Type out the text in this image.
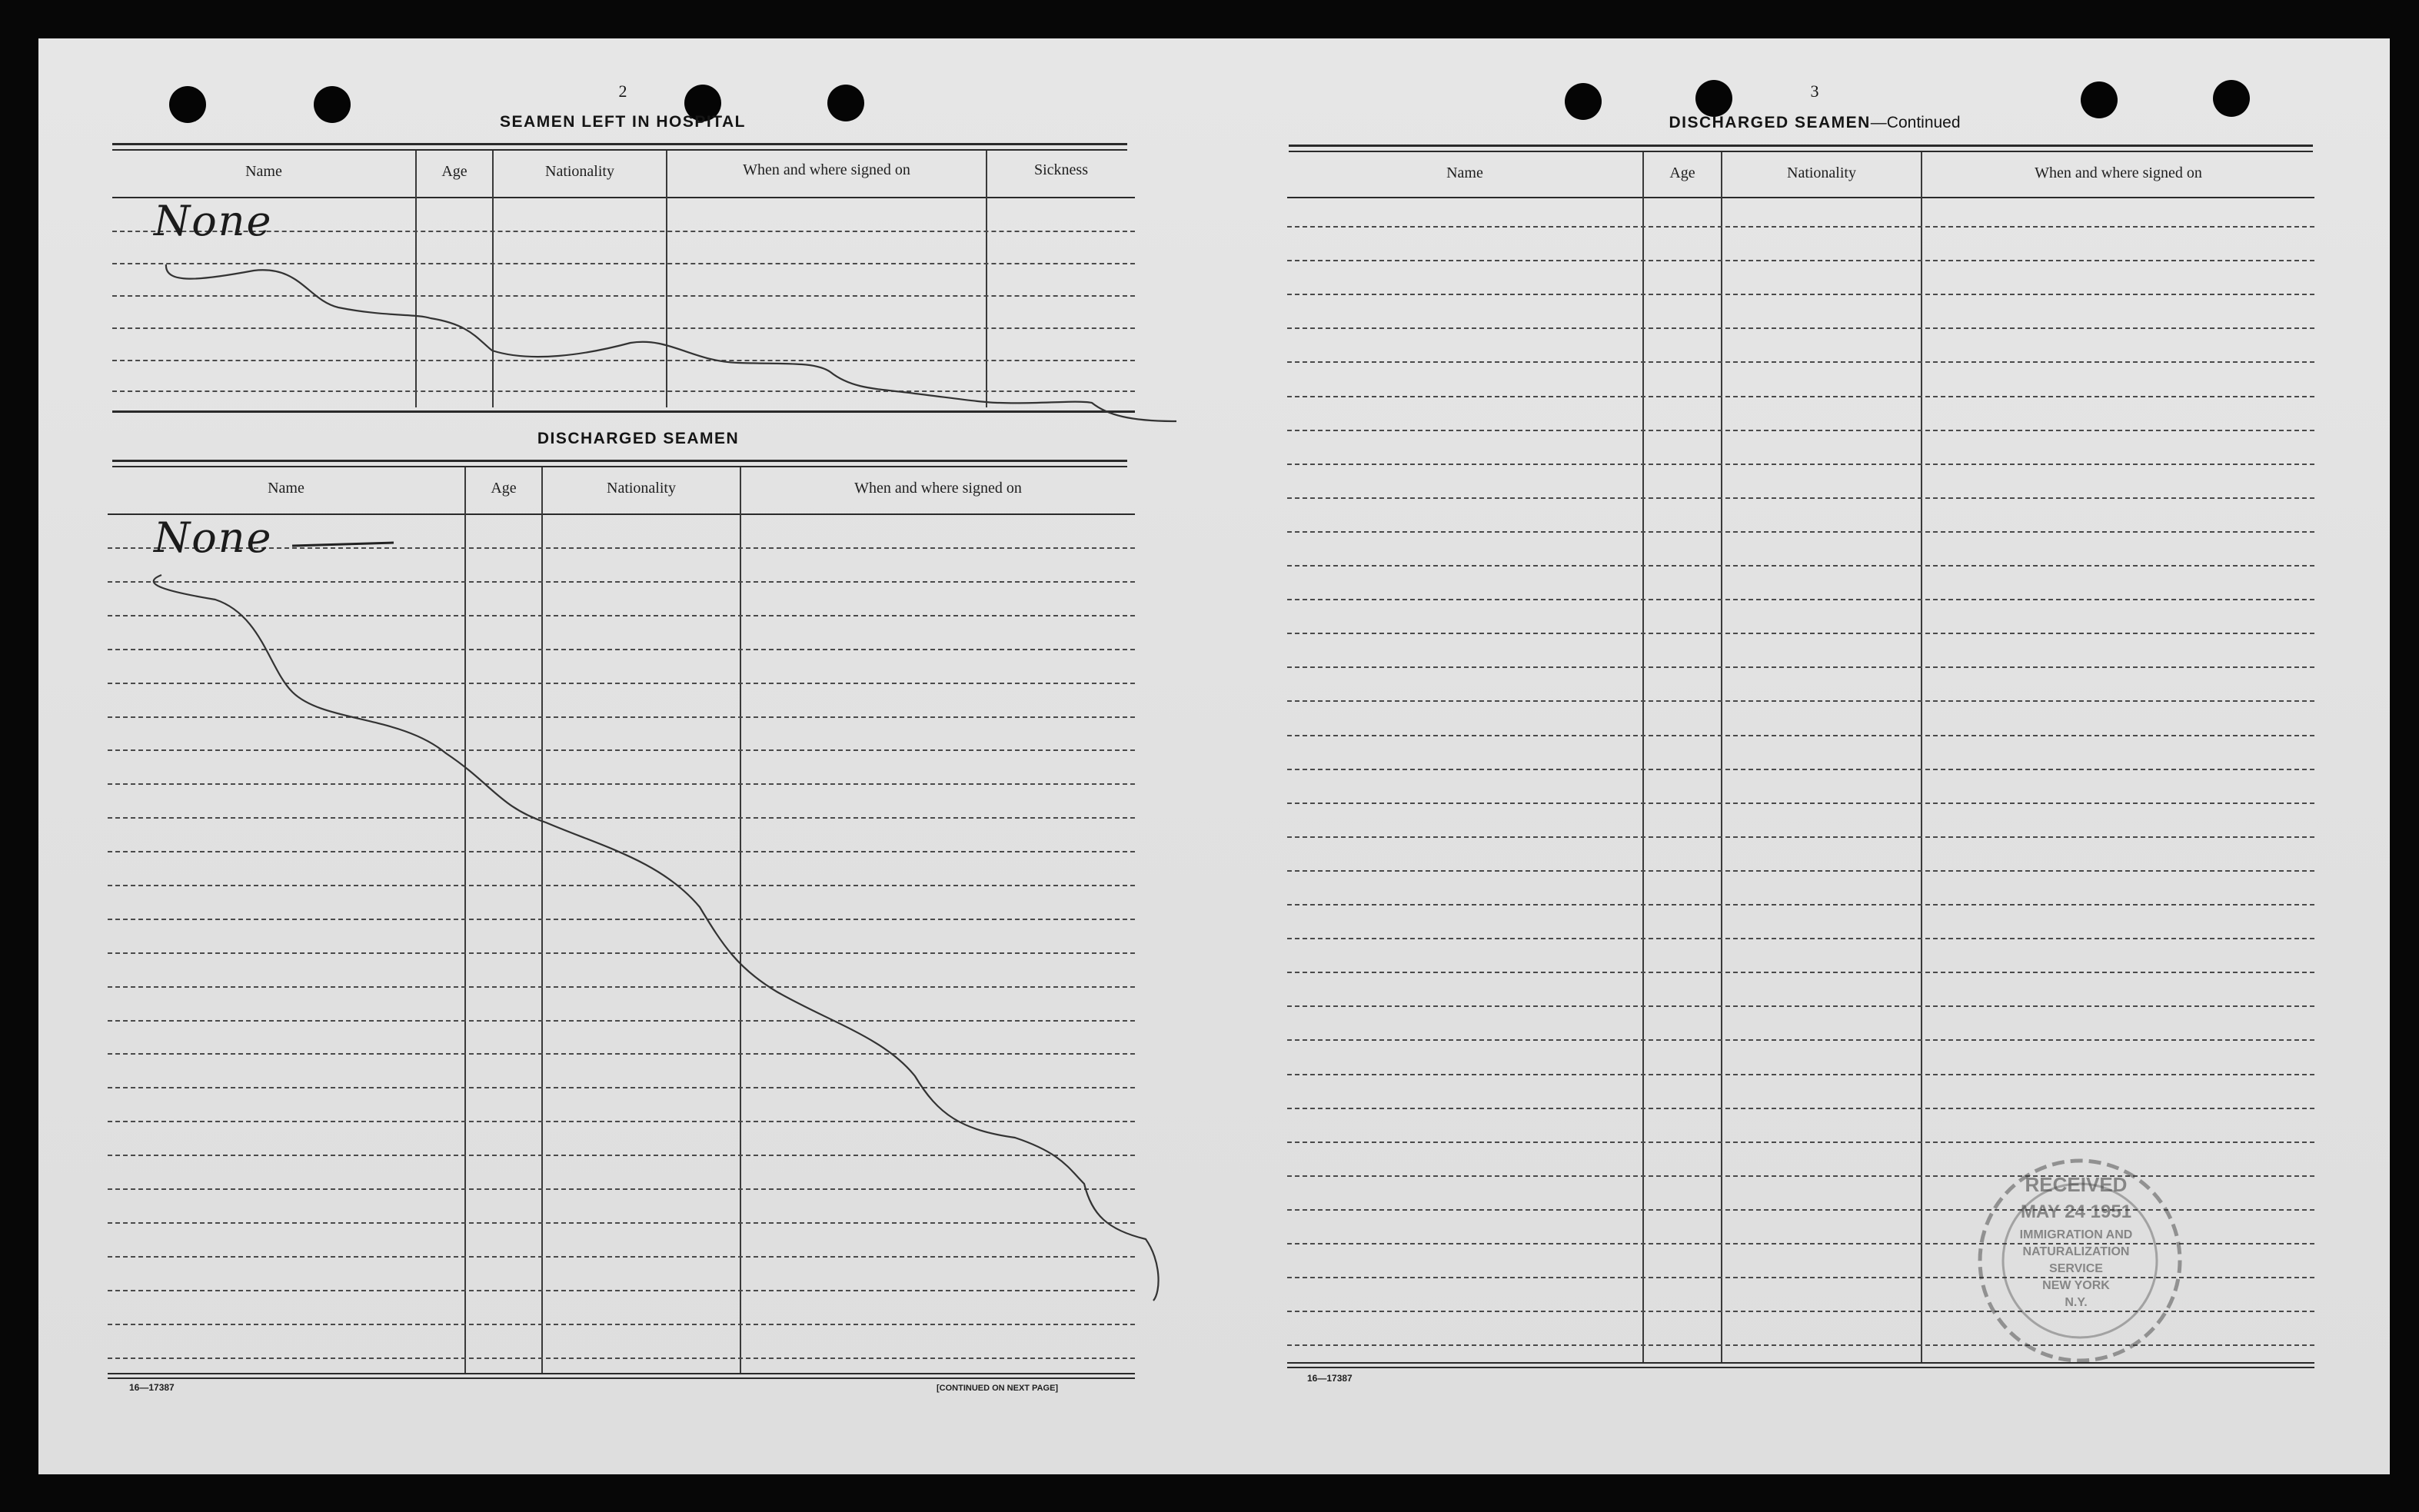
2
SEAMEN LEFT IN HOSPITAL
Name	Age	Nationality	When and where signed on	Sickness
None
DISCHARGED SEAMEN
Name	Age	Nationality	When and where signed on
None
16—17387	[CONTINUED ON NEXT PAGE]
3
DISCHARGED SEAMEN—Continued
Name	Age	Nationality	When and where signed on
16—17387
RECEIVED
MAY 24 1951
IMMIGRATION AND
NATURALIZATION
SERVICE
NEW YORK
N.Y.
